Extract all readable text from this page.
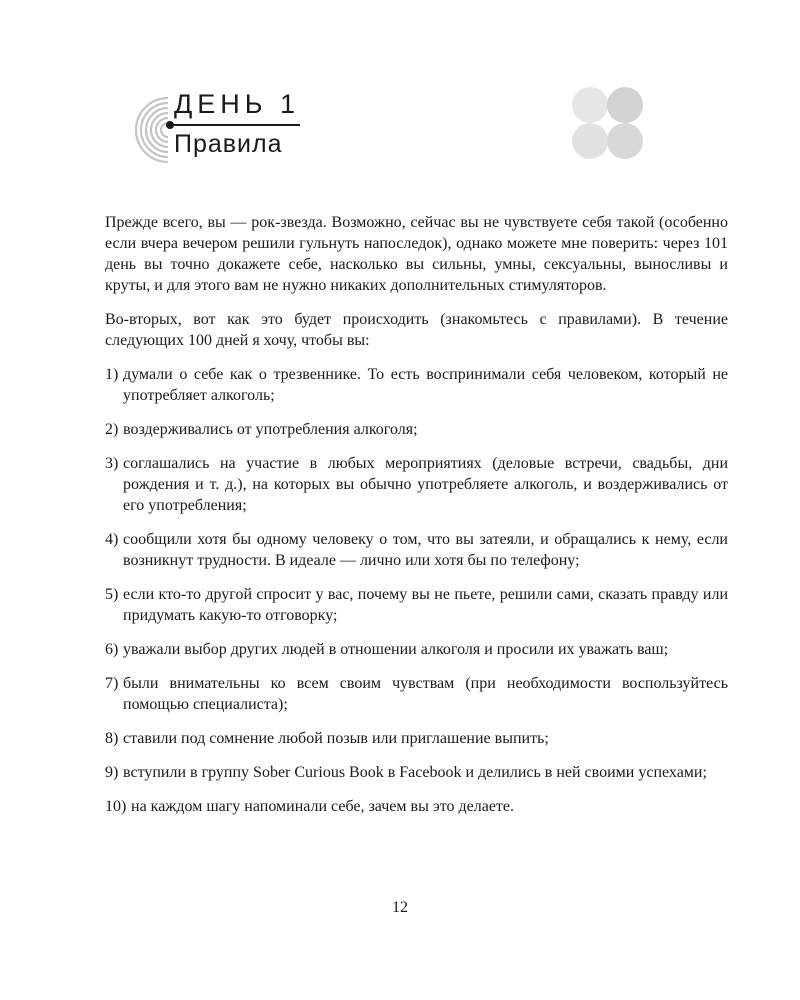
ДЕНЬ 1
Правила

Прежде всего, вы — рок-звезда. Возможно, сейчас вы не чувствуете себя такой (особенно если вчера вечером решили гульнуть напоследок), однако можете мне поверить: через 101 день вы точно докажете себе, насколько вы сильны, умны, сексуальны, выносливы и круты, и для этого вам не нужно никаких дополнительных стимуляторов.

Во-вторых, вот как это будет происходить (знакомьтесь с правилами). В течение следующих 100 дней я хочу, чтобы вы:

1) думали о себе как о трезвеннике. То есть воспринимали себя человеком, который не употребляет алкоголь;
2) воздерживались от употребления алкоголя;
3) соглашались на участие в любых мероприятиях (деловые встречи, свадьбы, дни рождения и т. д.), на которых вы обычно употребляете алкоголь, и воздерживались от его употребления;
4) сообщили хотя бы одному человеку о том, что вы затеяли, и обращались к нему, если возникнут трудности. В идеале — лично или хотя бы по телефону;
5) если кто-то другой спросит у вас, почему вы не пьете, решили сами, сказать правду или придумать какую-то отговорку;
6) уважали выбор других людей в отношении алкоголя и просили их уважать ваш;
7) были внимательны ко всем своим чувствам (при необходимости воспользуйтесь помощью специалиста);
8) ставили под сомнение любой позыв или приглашение выпить;
9) вступили в группу Sober Curious Book в Facebook и делились в ней своими успехами;
10) на каждом шагу напоминали себе, зачем вы это делаете.
12
